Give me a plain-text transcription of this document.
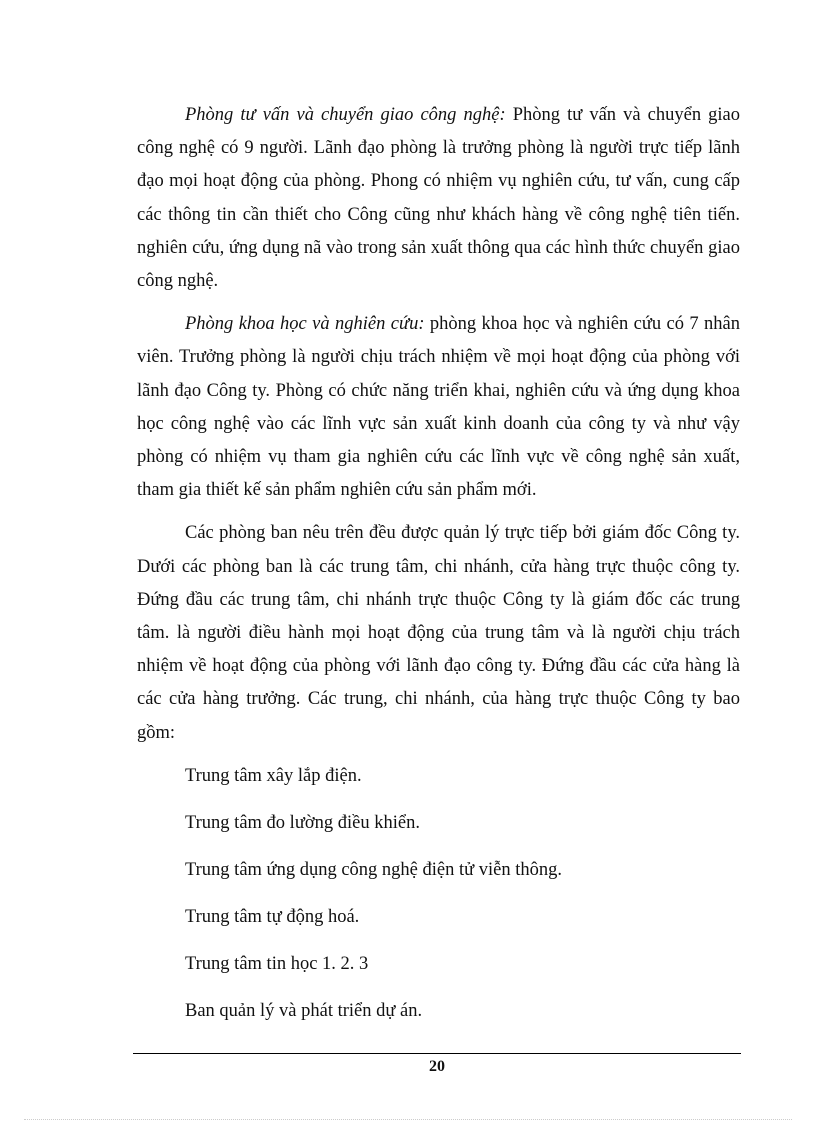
Phòng tư vấn và chuyển giao công nghệ: Phòng tư vấn và chuyển giao công nghệ có 9 người. Lãnh đạo phòng là trưởng phòng là người trực tiếp lãnh đạo mọi hoạt động của phòng. Phong có nhiệm vụ nghiên cứu, tư vấn, cung cấp các thông tin cần thiết cho Công cũng như khách hàng về công nghệ tiên tiến. nghiên cứu, ứng dụng nã vào trong sản xuất thông qua các hình thức chuyển giao công nghệ.

Phòng khoa học và nghiên cứu: phòng khoa học và nghiên cứu có 7 nhân viên. Trưởng phòng là người chịu trách nhiệm về mọi hoạt động của phòng với lãnh đạo Công ty. Phòng có chức năng triển khai, nghiên cứu và ứng dụng khoa học công nghệ vào các lĩnh vực sản xuất kinh doanh của công ty và như vậy phòng có nhiệm vụ tham gia nghiên cứu các lĩnh vực về công nghệ sản xuất, tham gia thiết kế sản phẩm nghiên cứu sản phẩm mới.

Các phòng ban nêu trên đều được quản lý trực tiếp bởi giám đốc Công ty. Dưới các phòng ban là các trung tâm, chi nhánh, cửa hàng trực thuộc công ty. Đứng đầu các trung tâm, chi nhánh trực thuộc Công ty là giám đốc các trung tâm. là người điều hành mọi hoạt động của trung tâm và là người chịu trách nhiệm về hoạt động của phòng với lãnh đạo công ty. Đứng đầu các cửa hàng là các cửa hàng trưởng. Các trung, chi nhánh, của hàng trực thuộc Công ty bao gồm:

Trung tâm xây lắp điện.
Trung tâm đo lường điều khiển.
Trung tâm ứng dụng công nghệ điện tử viễn thông.
Trung tâm tự động hoá.
Trung tâm tin học 1. 2. 3
Ban quản lý và phát triển dự án.
20
